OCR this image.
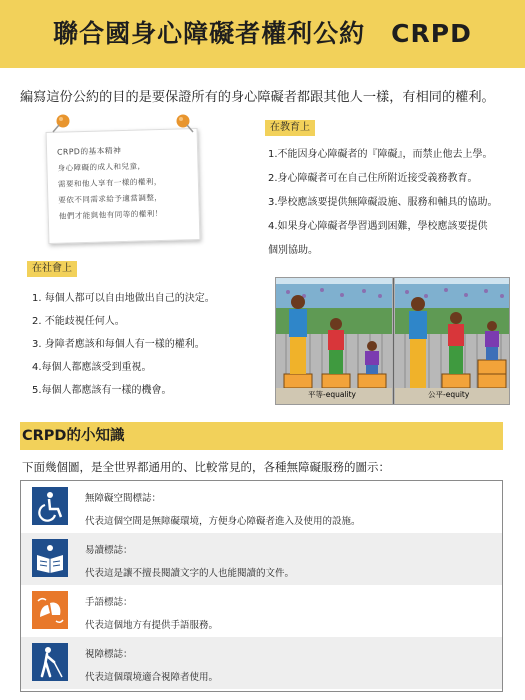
聯合國身心障礙者權利公約　CRPD
編寫這份公約的目的是要保證所有的身心障礙者都跟其他人一樣，有相同的權利。
CRPD的基本精神
身心障礙的成人和兒童，
需要和他人享有一樣的權利，
要依不同需求給予適當調整，
他們才能與他有同等的權利！
在教育上
1.不能因身心障礙者的『障礙』，而禁止他去上學。
2.身心障礙者可在自己住所附近接受義務教育。
3.學校應該要提供無障礙設施、服務和輔具的協助。
4.如果身心障礙者學習遇到困難，學校應該要提供
個別協助。
在社會上
1. 每個人都可以自由地做出自己的決定。
2. 不能歧視任何人。
3. 身障者應該和每個人有一樣的權利。
4.每個人都應該受到重視。
5.每個人都應該有一樣的機會。	平等-equality	公平-equity
CRPD的小知識
下面幾個圖，是全世界都通用的、比較常見的，各種無障礙服務的圖示：
無障礙空間標誌：
代表這個空間是無障礙環境，方便身心障礙者進入及使用的設施。
易讀標誌：
代表這是讓不擅長閱讀文字的人也能閱讀的文件。
手語標誌：
代表這個地方有提供手語服務。
視障標誌：
代表這個環境適合視障者使用。
